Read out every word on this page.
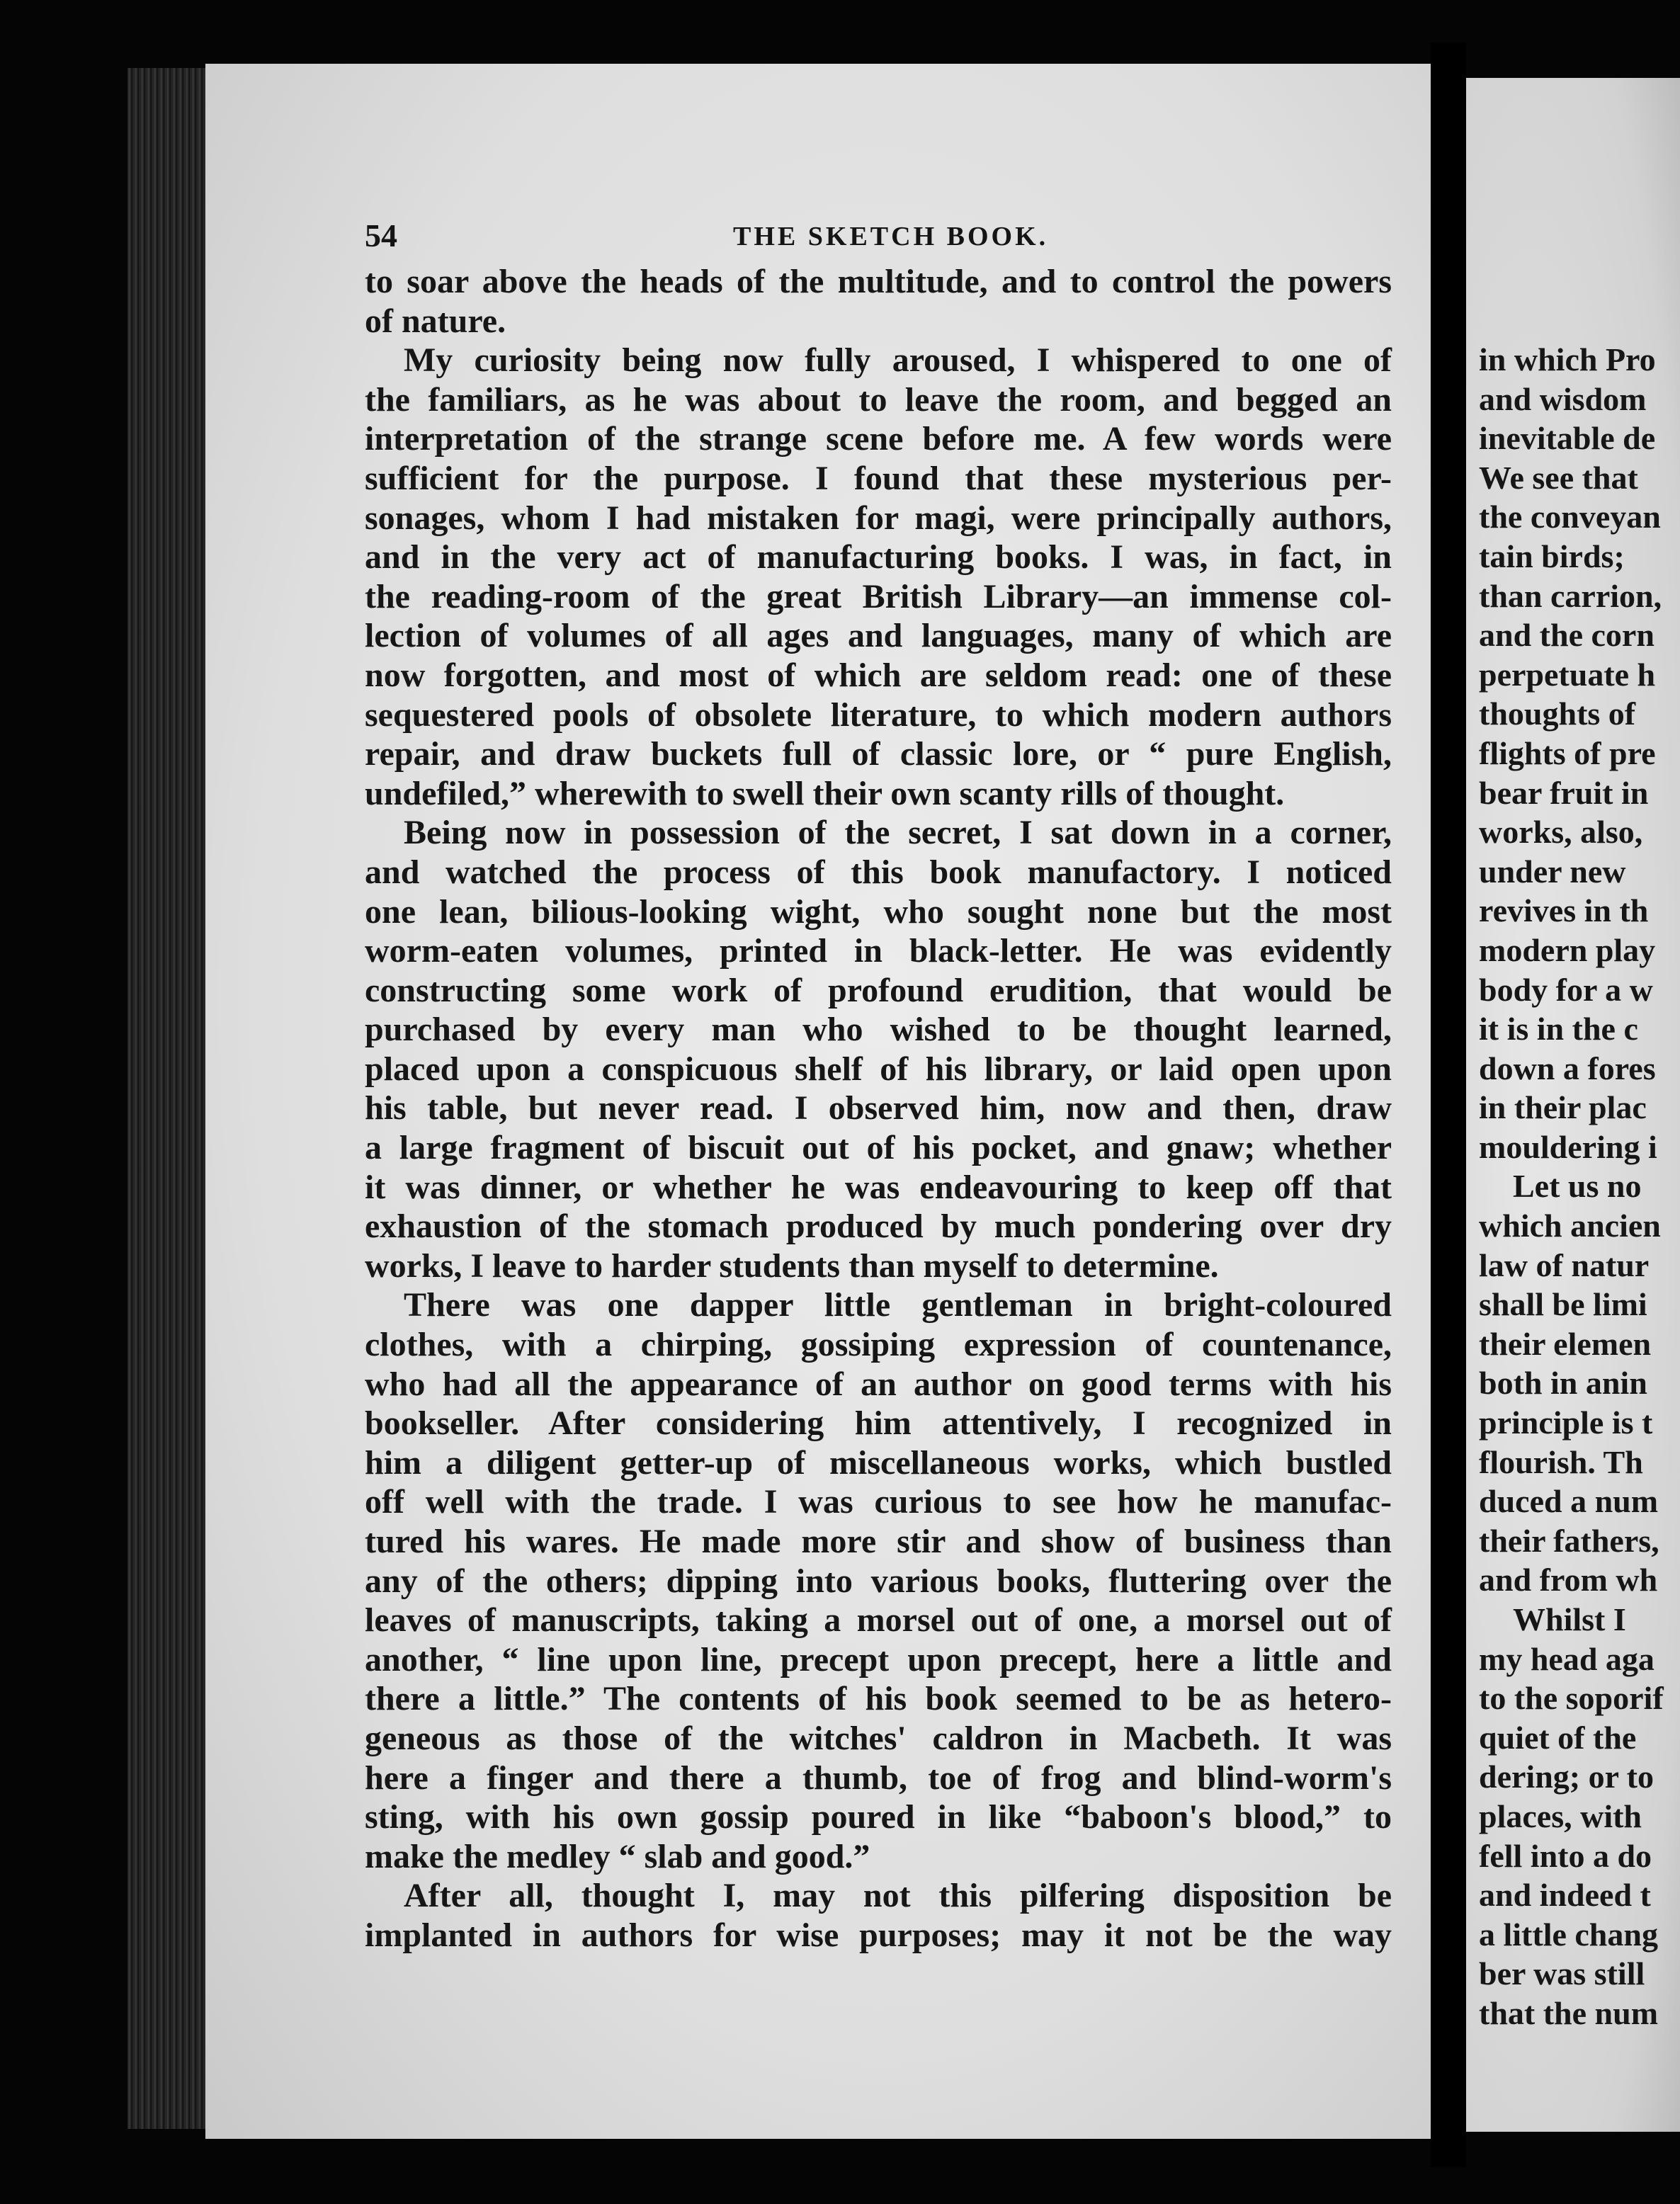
in which Pro
and wisdom
inevitable de
We see that
the conveyan
tain birds;
than carrion,
and the corn
perpetuate h
thoughts of
flights of pre
bear fruit in
works, also,
under new
revives in th
modern play
body for a w
it is in the c
down a fores
in their plac
mouldering i
Let us no
which ancien
law of natur
shall be limi
their elemen
both in anin
principle is t
flourish. Th
duced a num
their fathers,
and from wh
Whilst I
my head aga
to the soporif
quiet of the
dering; or to
places, with
fell into a do
and indeed t
a little chang
ber was still
that the num
54	THE SKETCH BOOK.
to soar above the heads of the multitude, and to control the powers
of nature.
My curiosity being now fully aroused, I whispered to one of
the familiars, as he was about to leave the room, and begged an
interpretation of the strange scene before me. A few words were
sufficient for the purpose. I found that these mysterious per-
sonages, whom I had mistaken for magi, were principally authors,
and in the very act of manufacturing books. I was, in fact, in
the reading-room of the great British Library—an immense col-
lection of volumes of all ages and languages, many of which are
now forgotten, and most of which are seldom read: one of these
sequestered pools of obsolete literature, to which modern authors
repair, and draw buckets full of classic lore, or “ pure English,
undefiled,” wherewith to swell their own scanty rills of thought.
Being now in possession of the secret, I sat down in a corner,
and watched the process of this book manufactory. I noticed
one lean, bilious-looking wight, who sought none but the most
worm-eaten volumes, printed in black-letter. He was evidently
constructing some work of profound erudition, that would be
purchased by every man who wished to be thought learned,
placed upon a conspicuous shelf of his library, or laid open upon
his table, but never read. I observed him, now and then, draw
a large fragment of biscuit out of his pocket, and gnaw; whether
it was dinner, or whether he was endeavouring to keep off that
exhaustion of the stomach produced by much pondering over dry
works, I leave to harder students than myself to determine.
There was one dapper little gentleman in bright-coloured
clothes, with a chirping, gossiping expression of countenance,
who had all the appearance of an author on good terms with his
bookseller. After considering him attentively, I recognized in
him a diligent getter-up of miscellaneous works, which bustled
off well with the trade. I was curious to see how he manufac-
tured his wares. He made more stir and show of business than
any of the others; dipping into various books, fluttering over the
leaves of manuscripts, taking a morsel out of one, a morsel out of
another, “ line upon line, precept upon precept, here a little and
there a little.” The contents of his book seemed to be as hetero-
geneous as those of the witches' caldron in Macbeth. It was
here a finger and there a thumb, toe of frog and blind-worm's
sting, with his own gossip poured in like “baboon's blood,” to
make the medley “ slab and good.”
After all, thought I, may not this pilfering disposition be
implanted in authors for wise purposes; may it not be the way
